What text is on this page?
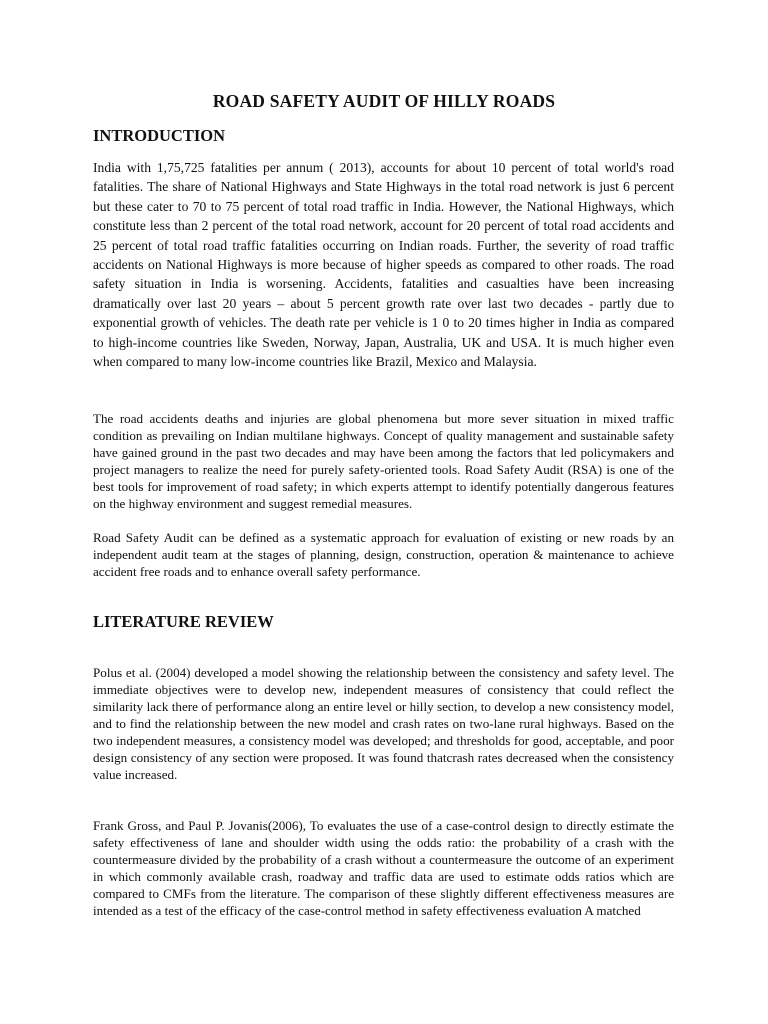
ROAD SAFETY AUDIT OF HILLY ROADS
INTRODUCTION

India with 1,75,725 fatalities per annum ( 2013), accounts for about 10 percent of total world's road fatalities. The share of National Highways and State Highways in the total road network is just 6 percent but these cater to 70 to 75 percent of total road traffic in India. However, the National Highways, which constitute less than 2 percent of the total road network, account for 20 percent of total road accidents and 25 percent of total road traffic fatalities occurring on Indian roads. Further, the severity of road traffic accidents on National Highways is more because of higher speeds as compared to other roads. The road safety situation in India is worsening. Accidents, fatalities and casualties have been increasing dramatically over last 20 years – about 5 percent growth rate over last two decades - partly due to exponential growth of vehicles. The death rate per vehicle is 1 0 to 20 times higher in India as compared to high-income countries like Sweden, Norway, Japan, Australia, UK and USA. It is much higher even when compared to many low-income countries like Brazil, Mexico and Malaysia.

The road accidents deaths and injuries are global phenomena but more sever situation in mixed traffic condition as prevailing on Indian multilane highways. Concept of quality management and sustainable safety have gained ground in the past two decades and may have been among the factors that led policymakers and project managers to realize the need for purely safety-oriented tools. Road Safety Audit (RSA) is one of the best tools for improvement of road safety; in which experts attempt to identify potentially dangerous features on the highway environment and suggest remedial measures.

Road Safety Audit can be defined as a systematic approach for evaluation of existing or new roads by an independent audit team at the stages of planning, design, construction, operation & maintenance to achieve accident free roads and to enhance overall safety performance.

LITERATURE REVIEW

Polus et al. (2004) developed a model showing the relationship between the consistency and safety level. The immediate objectives were to develop new, independent measures of consistency that could reflect the similarity lack there of performance along an entire level or hilly section, to develop a new consistency model, and to find the relationship between the new model and crash rates on two-lane rural highways. Based on the two independent measures, a consistency model was developed; and thresholds for good, acceptable, and poor design consistency of any section were proposed. It was found thatcrash rates decreased when the consistency value increased.

Frank Gross, and Paul P. Jovanis(2006), To evaluates the use of a case-control design to directly estimate the safety effectiveness of lane and shoulder width using the odds ratio: the probability of a crash with the countermeasure divided by the probability of a crash without a countermeasure the outcome of an experiment in which commonly available crash, roadway and traffic data are used to estimate odds ratios which are compared to CMFs from the literature. The comparison of these slightly different effectiveness measures are intended as a test of the efficacy of the case-control method in safety effectiveness evaluation A matched
